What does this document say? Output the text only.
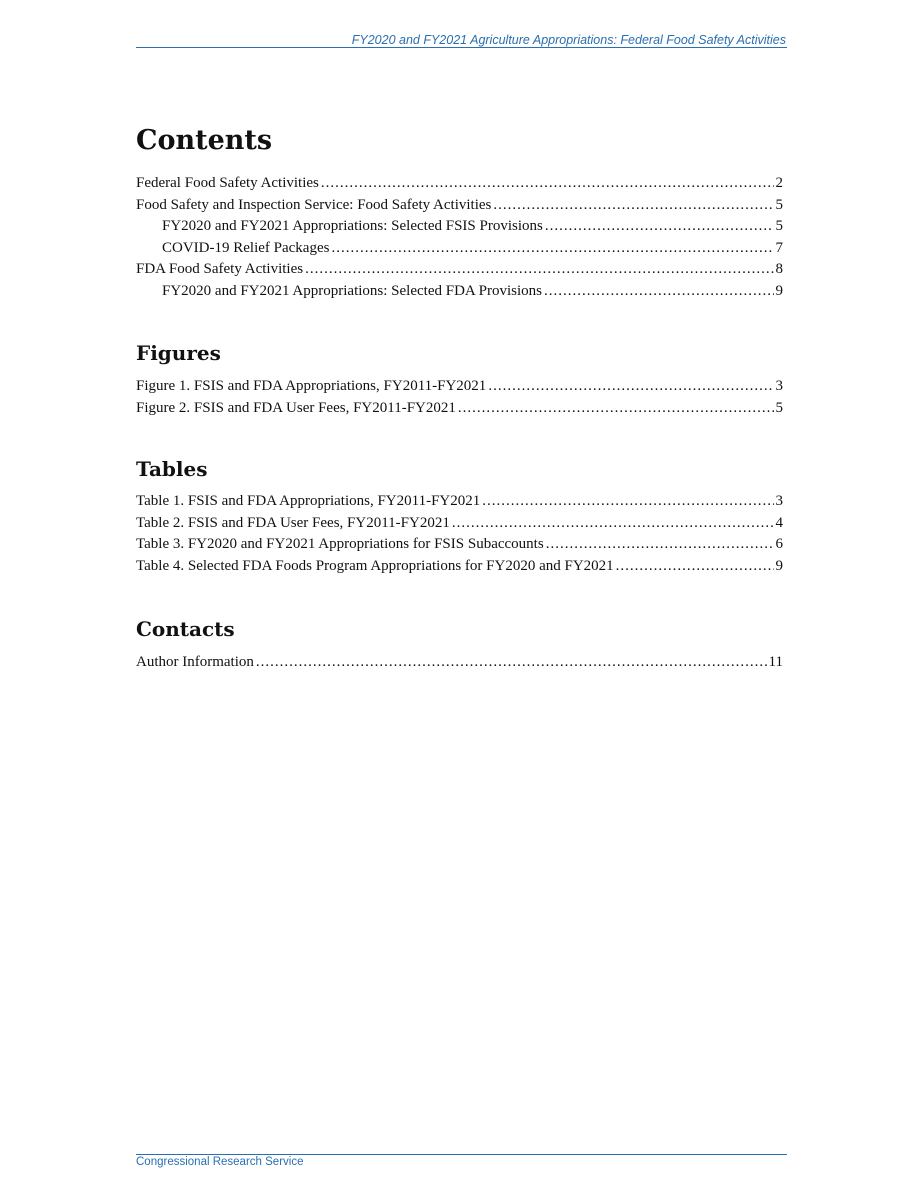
FY2020 and FY2021 Agriculture Appropriations: Federal Food Safety Activities
Contents
Federal Food Safety Activities .....	2
Food Safety and Inspection Service: Food Safety Activities .....	5
FY2020 and FY2021 Appropriations: Selected FSIS Provisions .....	5
COVID-19 Relief Packages .....	7
FDA Food Safety Activities .....	8
FY2020 and FY2021 Appropriations: Selected FDA Provisions .....	9
Figures
Figure 1. FSIS and FDA Appropriations, FY2011-FY2021 .....	3
Figure 2. FSIS and FDA User Fees, FY2011-FY2021 .....	5
Tables
Table 1. FSIS and FDA Appropriations, FY2011-FY2021 .....	3
Table 2. FSIS and FDA User Fees, FY2011-FY2021 .....	4
Table 3. FY2020 and FY2021 Appropriations for FSIS Subaccounts .....	6
Table 4. Selected FDA Foods Program Appropriations for FY2020 and FY2021 .....	9
Contacts
Author Information .....	11
Congressional Research Service
